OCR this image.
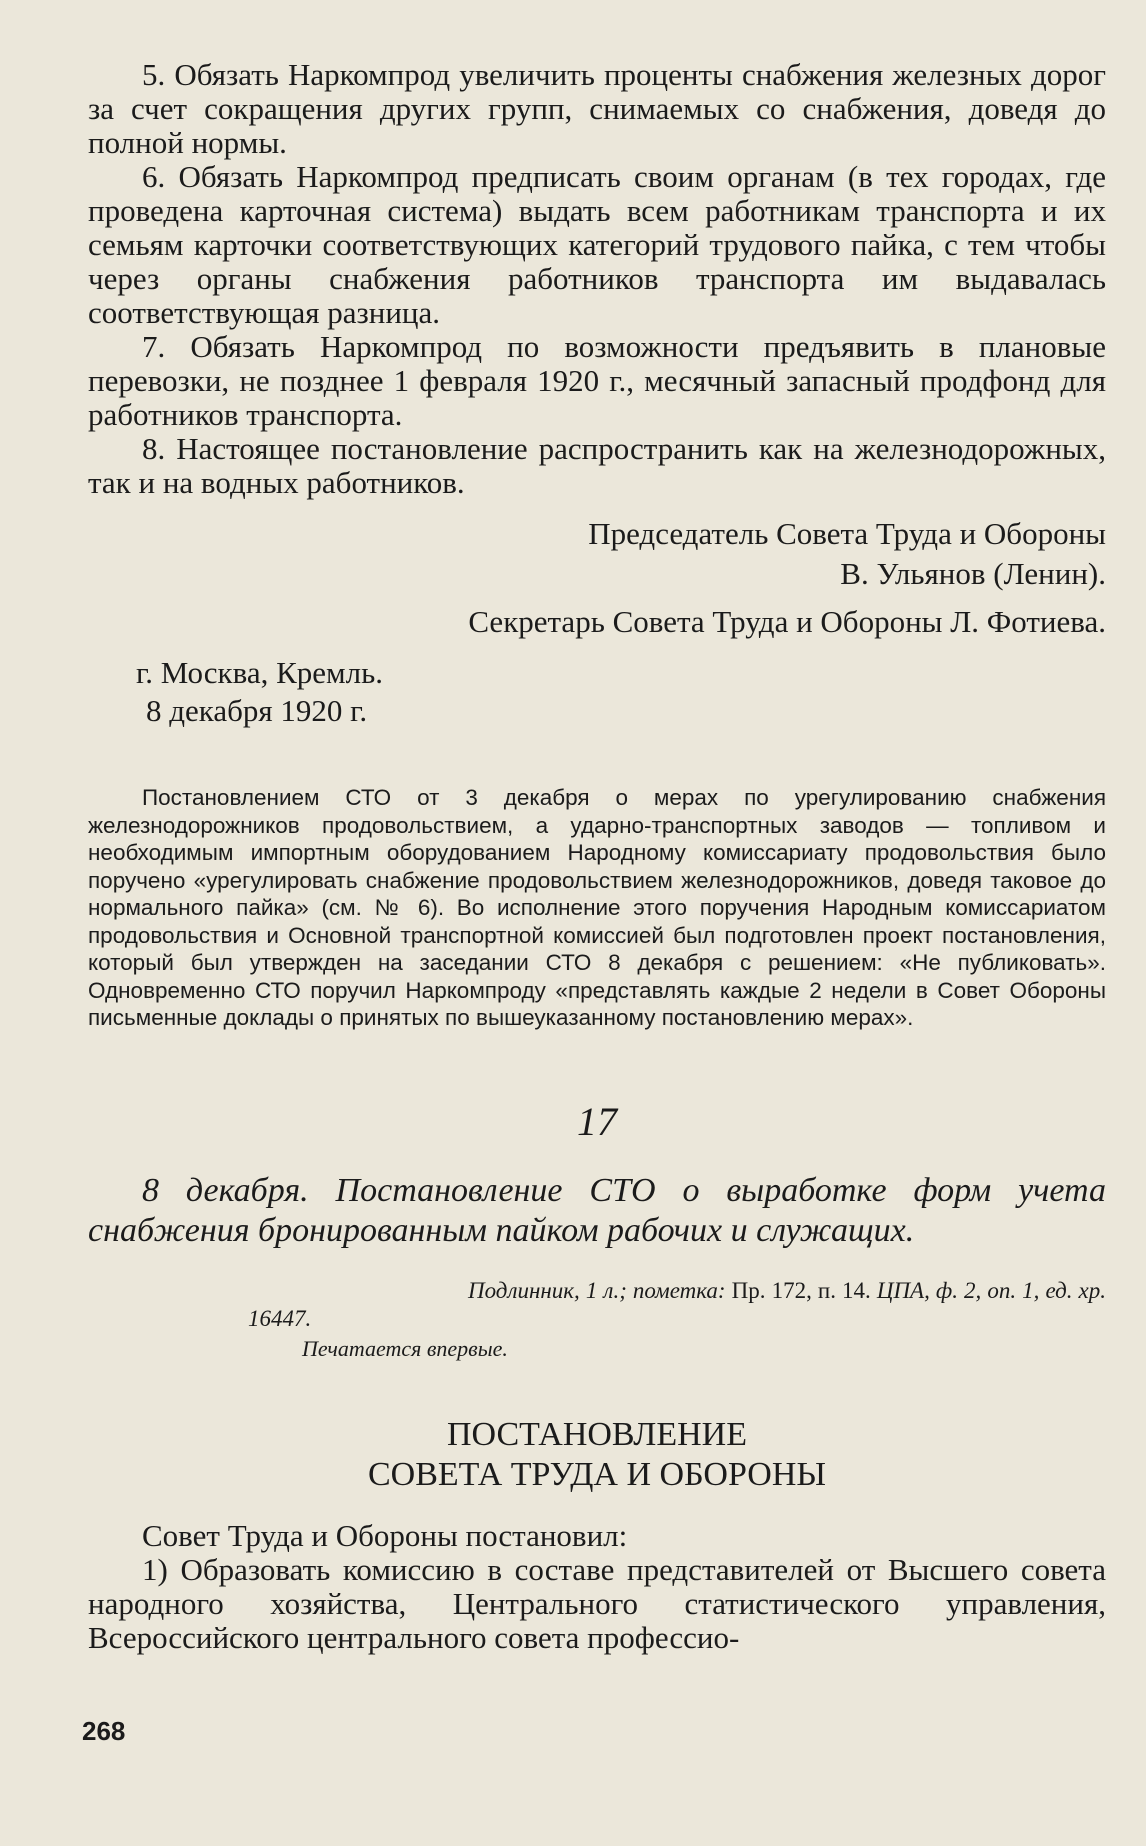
5. Обязать Наркомпрод увеличить проценты снабжения железных дорог за счет сокращения других групп, снимаемых со снабжения, доведя до полной нормы.

6. Обязать Наркомпрод предписать своим органам (в тех городах, где проведена карточная система) выдать всем работникам транспорта и их семьям карточки соответствующих категорий трудового пайка, с тем чтобы через органы снабжения работников транспорта им выдавалась соответствующая разница.

7. Обязать Наркомпрод по возможности предъявить в плановые перевозки, не позднее 1 февраля 1920 г., месячный запасный продфонд для работников транспорта.

8. Настоящее постановление распространить как на железнодорожных, так и на водных работников.

Председатель Совета Труда и Обороны

В. Ульянов (Ленин).

Секретарь Совета Труда и Обороны Л. Фотиева.

г. Москва, Кремль.
8 декабря 1920 г.

Постановлением СТО от 3 декабря о мерах по урегулированию снабжения железнодорожников продовольствием, а ударно-транспортных заводов — топливом и необходимым импортным оборудованием Народному комиссариату продовольствия было поручено «урегулировать снабжение продовольствием железнодорожников, доведя таковое до нормального пайка» (см. № 6). Во исполнение этого поручения Народным комиссариатом продовольствия и Основной транспортной комиссией был подготовлен проект постановления, который был утвержден на заседании СТО 8 декабря с решением: «Не публиковать». Одновременно СТО поручил Наркомпроду «представлять каждые 2 недели в Совет Обороны письменные доклады о принятых по вышеуказанному постановлению мерах».

17

8 декабря. Постановление СТО о выработке форм учета снабжения бронированным пайком рабочих и служащих.

Подлинник, 1 л.; пометка: Пр. 172, п. 14. ЦПА, ф. 2, оп. 1, ед. хр. 16447.

Печатается впервые.
ПОСТАНОВЛЕНИЕ
СОВЕТА ТРУДА И ОБОРОНЫ

Совет Труда и Обороны постановил:

1) Образовать комиссию в составе представителей от Высшего совета народного хозяйства, Центрального статистического управления, Всероссийского центрального совета профессио-

268
